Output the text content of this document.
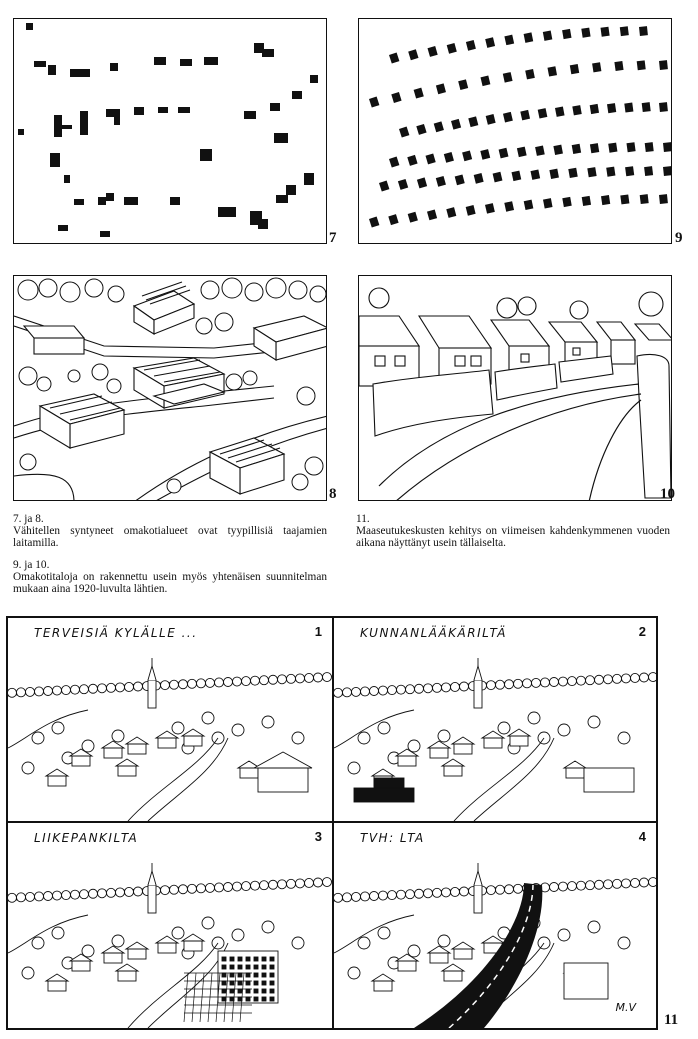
7	9
8	10
7. ja 8.

Vähitellen syntyneet omakotialueet ovat tyypillisiä taajamien laitamilla.

9. ja 10.

Omakotitaloja on rakennettu usein myös yhtenäisen suunnitelman mukaan aina 1920-luvulta lähtien.

11.

Maaseutukeskusten kehitys on viimeisen kahdenkymmenen vuoden aikana näyttänyt usein tällaiselta.

TERVEISIÄ KYLÄLLE ...	1	KUNNANLÄÄKÄRILTÄ	2
LIIKEPANKILTA	3	TVH: LTA	4
M.V
11
